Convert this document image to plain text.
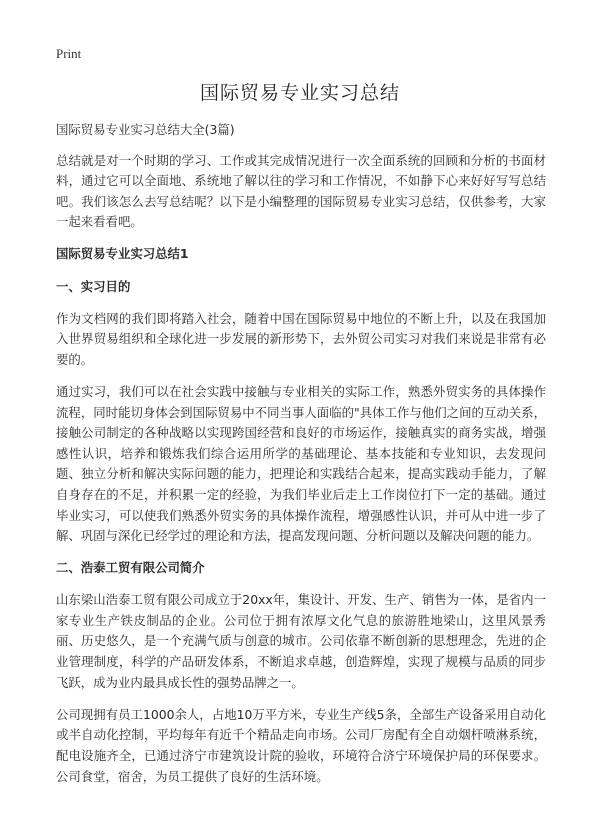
Print
国际贸易专业实习总结

国际贸易专业实习总结大全(3篇)

总结就是对一个时期的学习、工作或其完成情况进行一次全面系统的回顾和分析的书面材料，通过它可以全面地、系统地了解以往的学习和工作情况，不如静下心来好好写写总结吧。我们该怎么去写总结呢？以下是小编整理的国际贸易专业实习总结，仅供参考，大家一起来看看吧。

国际贸易专业实习总结1

一、实习目的

作为文档网的我们即将踏入社会，随着中国在国际贸易中地位的不断上升，以及在我国加入世界贸易组织和全球化进一步发展的新形势下，去外贸公司实习对我们来说是非常有必要的。

通过实习，我们可以在社会实践中接触与专业相关的实际工作，熟悉外贸实务的具体操作流程，同时能切身体会到国际贸易中不同当事人面临的"具体工作与他们之间的互动关系，接触公司制定的各种战略以实现跨国经营和良好的市场运作，接触真实的商务实战，增强感性认识，培养和锻炼我们综合运用所学的基础理论、基本技能和专业知识，去发现问题、独立分析和解决实际问题的能力，把理论和实践结合起来，提高实践动手能力，了解自身存在的不足，并积累一定的经验，为我们毕业后走上工作岗位打下一定的基础。通过毕业实习，可以使我们熟悉外贸实务的具体操作流程，增强感性认识，并可从中进一步了解、巩固与深化已经学过的理论和方法，提高发现问题、分析问题以及解决问题的能力。

二、浩泰工贸有限公司简介

山东梁山浩泰工贸有限公司成立于20xx年，集设计、开发、生产、销售为一体，是省内一家专业生产铁皮制品的企业。公司位于拥有浓厚文化气息的旅游胜地梁山，这里风景秀丽、历史悠久，是一个充满气质与创意的城市。公司依靠不断创新的思想理念，先进的企业管理制度，科学的产品研发体系，不断追求卓越，创造辉煌，实现了规模与品质的同步飞跃，成为业内最具成长性的强势品牌之一。

公司现拥有员工1000余人，占地10万平方米，专业生产线5条，全部生产设备采用自动化或半自动化控制，平均每年有近千个精品走向市场。公司厂房配有全自动烟杆喷淋系统，配电设施齐全，已通过济宁市建筑设计院的验收，环境符合济宁环境保护局的环保要求。公司食堂，宿舍，为员工提供了良好的生活环境。
